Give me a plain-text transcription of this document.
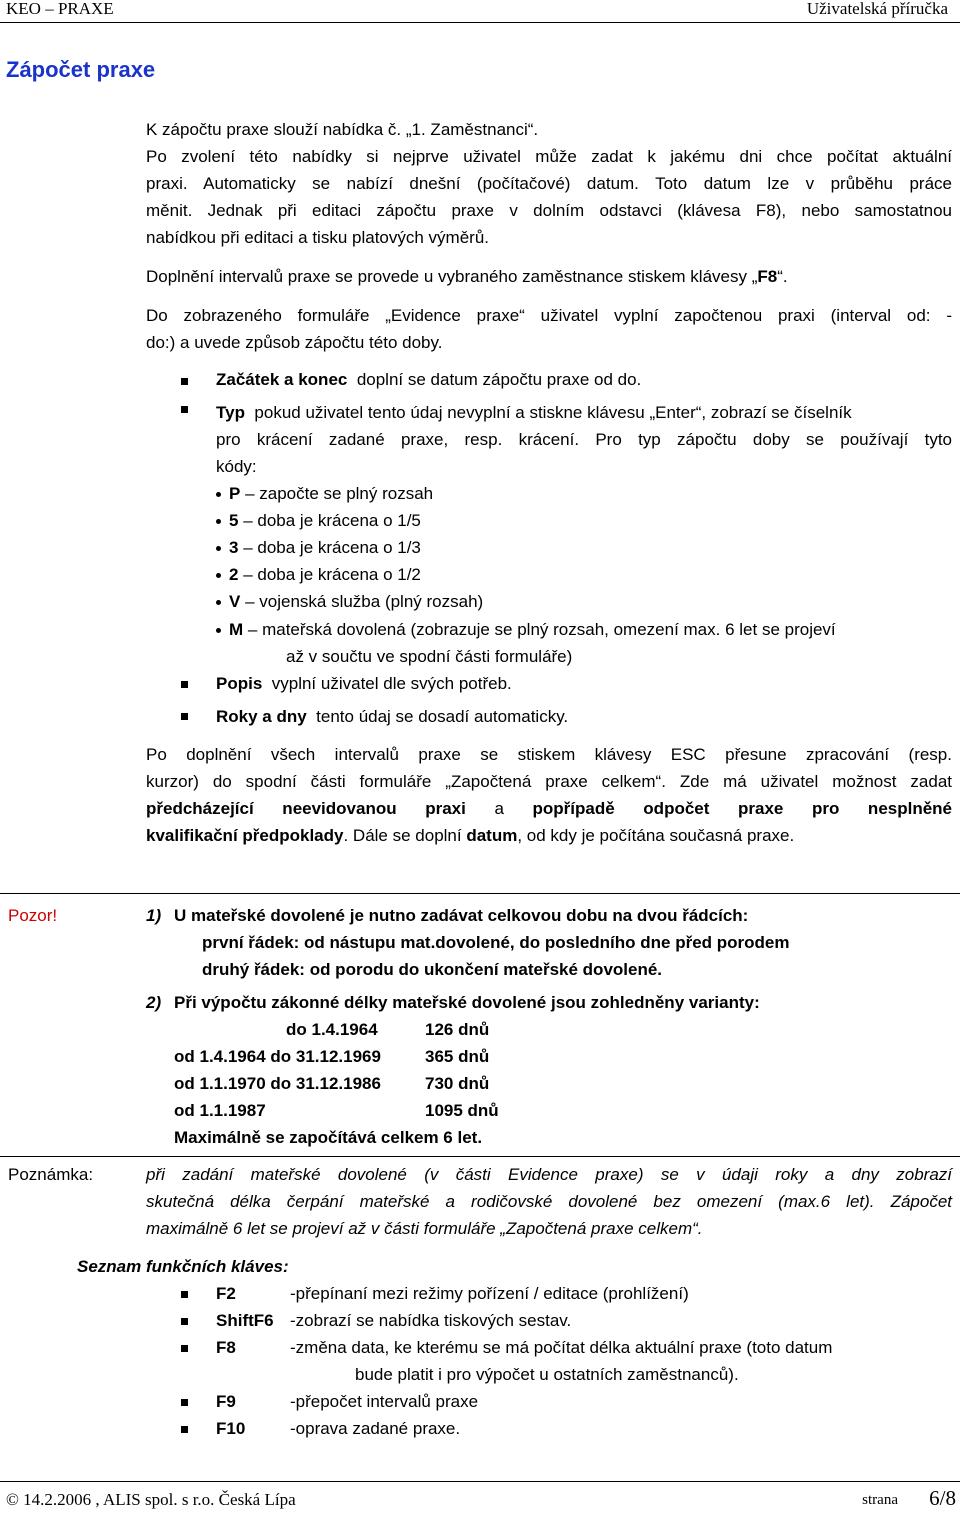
KEO – PRAXE	Uživatelská příručka
Zápočet praxe
K zápočtu praxe slouží nabídka č. „1. Zaměstnanci“.
Po zvolení této nabídky si nejprve uživatel může zadat k jakému dni chce počítat aktuální
praxi. Automaticky se nabízí dnešní (počítačové) datum. Toto datum lze v průběhu práce
měnit. Jednak při editaci zápočtu praxe v dolním odstavci (klávesa F8), nebo samostatnou
nabídkou při editaci a tisku platových výměrů.
Doplnění intervalů praxe se provede u vybraného zaměstnance stiskem klávesy „F8“.
Do zobrazeného formuláře „Evidence praxe“ uživatel vyplní započtenou praxi (interval od: -
do:) a uvede způsob zápočtu této doby.
Začátek a konec doplní se datum zápočtu praxe od do.
Typ pokud uživatel tento údaj nevyplní a stiskne klávesu „Enter“, zobrazí se číselník
pro krácení zadané praxe, resp. krácení. Pro typ zápočtu doby se používají tyto
kódy:
P – započte se plný rozsah
5 – doba je krácena o 1/5
3 – doba je krácena o 1/3
2 – doba je krácena o 1/2
V – vojenská služba (plný rozsah)
M – mateřská dovolená (zobrazuje se plný rozsah, omezení max. 6 let se projeví
až v součtu ve spodní části formuláře)
Popis vyplní uživatel dle svých potřeb.
Roky a dny tento údaj se dosadí automaticky.
Po doplnění všech intervalů praxe se stiskem klávesy ESC přesune zpracování (resp.
kurzor) do spodní části formuláře „Započtená praxe celkem“. Zde má uživatel možnost zadat
předcházející neevidovanou praxi a popřípadě odpočet praxe pro nesplněné
kvalifikační předpoklady. Dále se doplní datum, od kdy je počítána současná praxe.
Pozor!	1) U mateřské dovolené je nutno zadávat celkovou dobu na dvou řádcích:
první řádek: od nástupu mat.dovolené, do posledního dne před porodem
druhý řádek: od porodu do ukončení mateřské dovolené.
2) Při výpočtu zákonné délky mateřské dovolené jsou zohledněny varianty:
do 1.4.1964	126 dnů
od 1.4.1964 do 31.12.1969	365 dnů
od 1.1.1970 do 31.12.1986	730 dnů
od 1.1.1987	1095 dnů
Maximálně se započítává celkem 6 let.
Poznámka:	při zadání mateřské dovolené (v části Evidence praxe) se v údaji roky a dny zobrazí
skutečná délka čerpání mateřské a rodičovské dovolené bez omezení (max.6 let). Zápočet
maximálně 6 let se projeví až v části formuláře „Započtená praxe celkem“.
Seznam funkčních kláves:
F2	-přepínaní mezi režimy pořízení / editace (prohlížení)
ShiftF6 -zobrazí se nabídka tiskových sestav.
F8	-změna data, ke kterému se má počítat délka aktuální praxe (toto datum
bude platit i pro výpočet u ostatních zaměstnanců).
F9	-přepočet intervalů praxe
F10	-oprava zadané praxe.
© 14.2.2006 , ALIS spol. s r.o. Česká Lípa	strana 6/8
